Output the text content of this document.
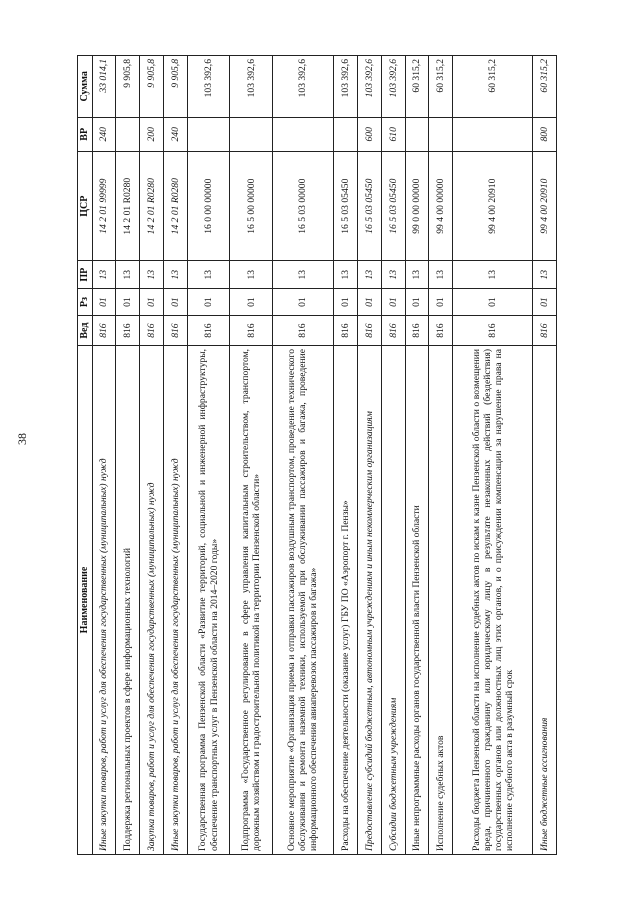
38
Наименование	Вед	Рз	ПР	ЦСР	ВР	Сумма
Иные закупки товаров, работ и услуг для обеспечения государственных (муниципальных) нужд	816	01	13	14 2 01 99999	240	33 014,1
Поддержка региональных проектов в сфере информационных технологий	816	01	13	14 2 01 R0280		9 905,8
Закупка товаров, работ и услуг для обеспечения государственных (муниципальных) нужд	816	01	13	14 2 01 R0280	200	9 905,8
Иные закупки товаров, работ и услуг для обеспечения государственных (муниципальных) нужд	816	01	13	14 2 01 R0280	240	9 905,8
Государственная программа Пензенской области «Развитие территорий, социальной и инженерной инфраструктуры, обеспечение транспортных услуг в Пензенской области на 2014–2020 годы»	816	01	13	16 0 00 00000		103 392,6
Подпрограмма «Государственное регулирование в сфере управления капитальным строительством, транспортом, дорожным хозяйством и градостроительной политикой на территории Пензенской области»	816	01	13	16 5 00 00000		103 392,6
Основное мероприятие «Организация приема и отправки пассажиров воздушным транспортом, проведение технического обслуживания и ремонта наземной техники, используемой при обслуживании пассажиров и багажа, проведение информационного обеспечения авиаперевозок пассажиров и багажа»	816	01	13	16 5 03 00000		103 392,6
Расходы на обеспечение деятельности (оказание услуг) ГБУ ПО «Аэропорт г. Пензы»	816	01	13	16 5 03 05450		103 392,6
Предоставление субсидий бюджетным, автономным учреждениям и иным некоммерческим организациям	816	01	13	16 5 03 05450	600	103 392,6
Субсидии бюджетным учреждениям	816	01	13	16 5 03 05450	610	103 392,6
Иные непрограммные расходы органов государственной власти Пензенской области	816	01	13	99 0 00 00000		60 315,2
Исполнение судебных актов	816	01	13	99 4 00 00000		60 315,2
Расходы бюджета Пензенской области на исполнение судебных актов по искам к казне Пензенской области о возмещении вреда, причиненного гражданину или юридическому лицу в результате незаконных действий (бездействия) государственных органов или должностных лиц этих органов, и о присуждении компенсации за нарушение права на исполнение судебного акта в разумный срок	816	01	13	99 4 00 20910		60 315,2
Иные бюджетные ассигнования	816	01	13	99 4 00 20910	800	60 315,2
